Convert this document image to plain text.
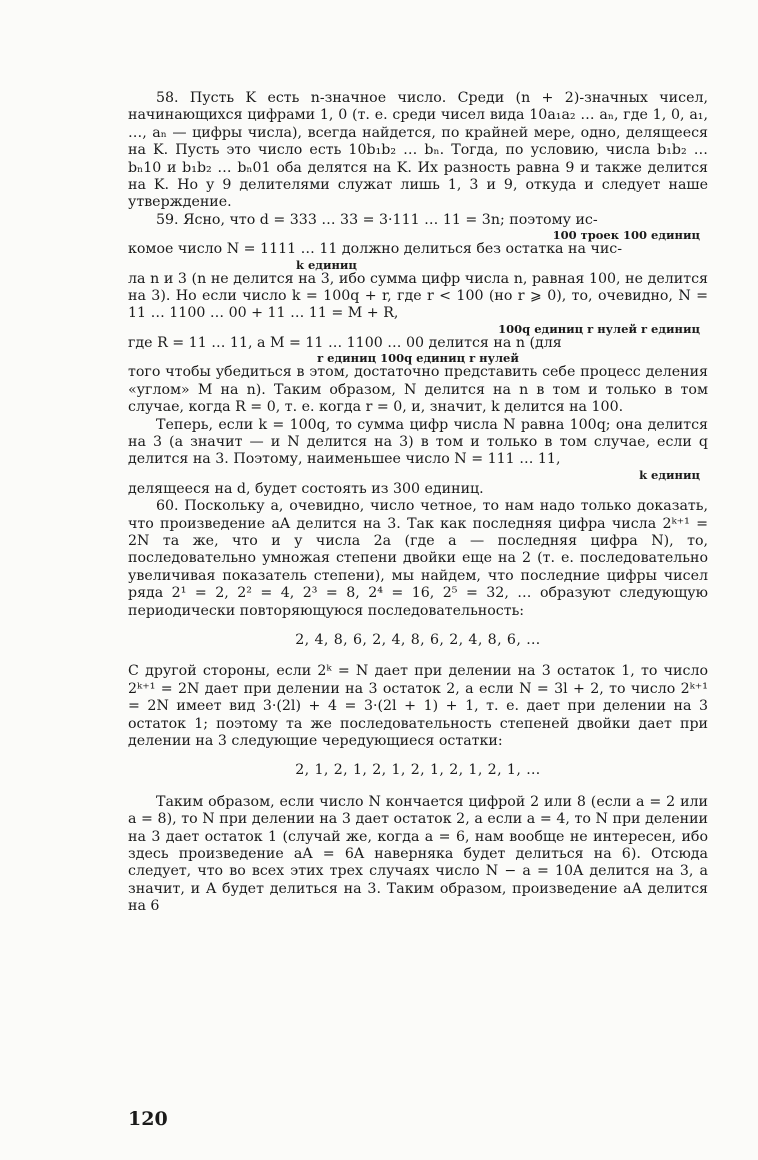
58. Пусть K есть n-значное число. Среди (n + 2)-значных чисел, начинающихся цифрами 1, 0 (т. е. среди чисел вида 10a₁a₂ … aₙ, где 1, 0, a₁, …, aₙ — цифры числа), всегда найдется, по крайней мере, одно, делящееся на K. Пусть это число есть 10b₁b₂ … bₙ. Тогда, по условию, числа b₁b₂ … bₙ10 и b₁b₂ … bₙ01 оба делятся на K. Их разность равна 9 и также делится на K. Но у 9 делителями служат лишь 1, 3 и 9, откуда и следует наше утверждение.

59. Ясно, что d = 333 … 33 = 3·111 … 11 = 3n; поэтому ис-

100 троек 100 единиц

комое число N = 1111 … 11 должно делиться без остатка на чис-

k единиц

ла n и 3 (n не делится на 3, ибо сумма цифр числа n, равная 100, не делится на 3). Но если число k = 100q + r, где r < 100 (но r ⩾ 0), то, очевидно, N = 11 … 1100 … 00 + 11 … 11 = M + R,

100q единиц r нулей r единиц

где R = 11 … 11, а M = 11 … 1100 … 00 делится на n (для

r единиц 100q единиц r нулей

того чтобы убедиться в этом, достаточно представить себе процесс деления «углом» M на n). Таким образом, N делится на n в том и только в том случае, когда R = 0, т. е. когда r = 0, и, значит, k делится на 100.

Теперь, если k = 100q, то сумма цифр числа N равна 100q; она делится на 3 (а значит — и N делится на 3) в том и только в том случае, если q делится на 3. Поэтому, наименьшее число N = 111 … 11,

k единиц

делящееся на d, будет состоять из 300 единиц.

60. Поскольку a, очевидно, число четное, то нам надо только доказать, что произведение aA делится на 3. Так как последняя цифра числа 2ᵏ⁺¹ = 2N та же, что и у числа 2a (где a — последняя цифра N), то, последовательно умножая степени двойки еще на 2 (т. е. последовательно увеличивая показатель степени), мы найдем, что последние цифры чисел ряда 2¹ = 2, 2² = 4, 2³ = 8, 2⁴ = 16, 2⁵ = 32, … образуют следующую периодически повторяющуюся последовательность:

2, 4, 8, 6, 2, 4, 8, 6, 2, 4, 8, 6, …

С другой стороны, если 2ᵏ = N дает при делении на 3 остаток 1, то число 2ᵏ⁺¹ = 2N дает при делении на 3 остаток 2, а если N = 3l + 2, то число 2ᵏ⁺¹ = 2N имеет вид 3·(2l) + 4 = 3·(2l + 1) + 1, т. е. дает при делении на 3 остаток 1; поэтому та же последовательность степеней двойки дает при делении на 3 следующие чередующиеся остатки:

2, 1, 2, 1, 2, 1, 2, 1, 2, 1, 2, 1, …

Таким образом, если число N кончается цифрой 2 или 8 (если a = 2 или a = 8), то N при делении на 3 дает остаток 2, а если a = 4, то N при делении на 3 дает остаток 1 (случай же, когда a = 6, нам вообще не интересен, ибо здесь произведение aA = 6A наверняка будет делиться на 6). Отсюда следует, что во всех этих трех случаях число N − a = 10A делится на 3, а значит, и A будет делиться на 3. Таким образом, произведение aA делится на 6

120
